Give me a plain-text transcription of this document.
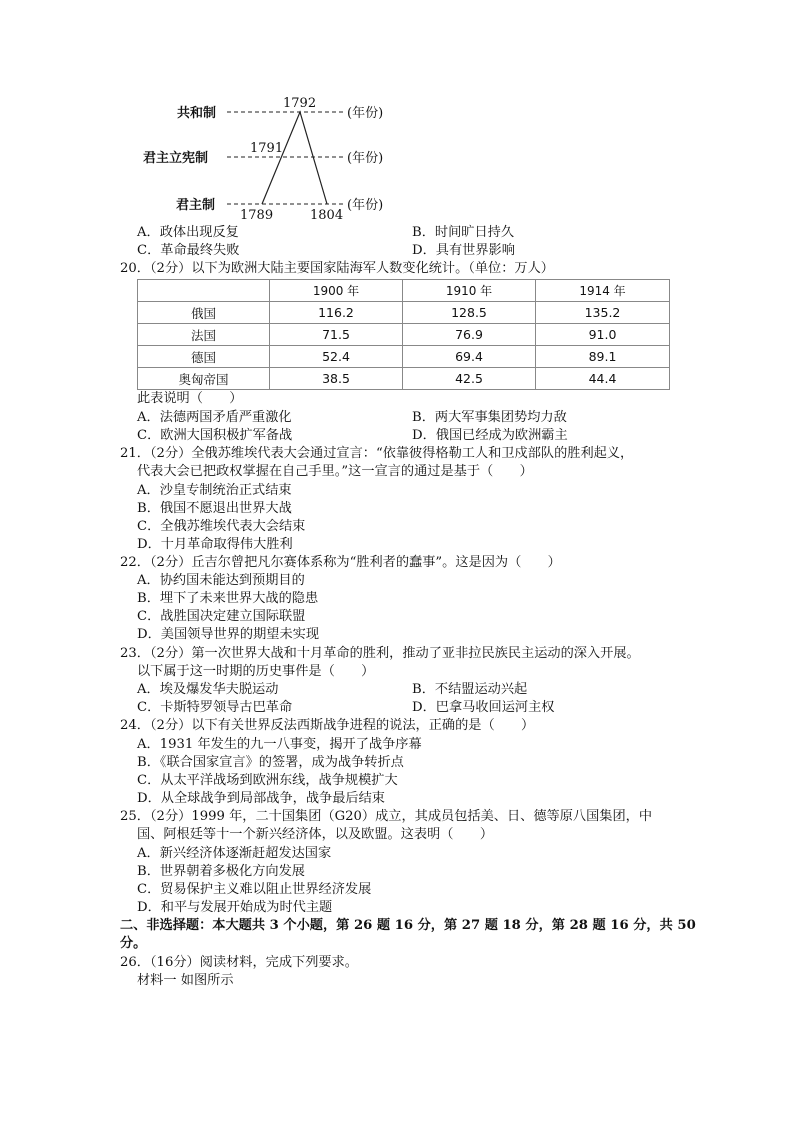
共和制
君主立宪制
君主制
(年份)
(年份)
(年份)
1792
1791
1789	1804
A．政体出现反复	B．时间旷日持久
C．革命最终失败	D．具有世界影响
20．（2分）以下为欧洲大陆主要国家陆海军人数变化统计。（单位：万人）
	1900 年	1910 年	1914 年
俄国	116.2	128.5	135.2
法国	71.5	76.9	91.0
德国	52.4	69.4	89.1
奥匈帝国	38.5	42.5	44.4
此表说明（　　）
A．法德两国矛盾严重激化	B．两大军事集团势均力敌
C．欧洲大国积极扩军备战	D．俄国已经成为欧洲霸主
21．（2分）全俄苏维埃代表大会通过宣言：“依靠彼得格勒工人和卫戍部队的胜利起义，
代表大会已把政权掌握在自己手里。”这一宣言的通过是基于（　　）
A．沙皇专制统治正式结束
B．俄国不愿退出世界大战
C．全俄苏维埃代表大会结束
D．十月革命取得伟大胜利
22．（2分）丘吉尔曾把凡尔赛体系称为“胜利者的蠢事”。这是因为（　　）
A．协约国未能达到预期目的
B．埋下了未来世界大战的隐患
C．战胜国决定建立国际联盟
D．美国领导世界的期望未实现
23．（2分）第一次世界大战和十月革命的胜利，推动了亚非拉民族民主运动的深入开展。
以下属于这一时期的历史事件是（　　）
A．埃及爆发华夫脱运动	B．不结盟运动兴起
C．卡斯特罗领导古巴革命	D．巴拿马收回运河主权
24．（2分）以下有关世界反法西斯战争进程的说法，正确的是（　　）
A．1931 年发生的九一八事变，揭开了战争序幕
B．《联合国家宣言》的签署，成为战争转折点
C．从太平洋战场到欧洲东线，战争规模扩大
D．从全球战争到局部战争，战争最后结束
25．（2分）1999 年，二十国集团（G20）成立，其成员包括美、日、德等原八国集团，中
国、阿根廷等十一个新兴经济体，以及欧盟。这表明（　　）
A．新兴经济体逐渐赶超发达国家
B．世界朝着多极化方向发展
C．贸易保护主义难以阻止世界经济发展
D．和平与发展开始成为时代主题
二、非选择题：本大题共 3 个小题，第 26 题 16 分，第 27 题 18 分，第 28 题 16 分，共 50
分。
26．（16分）阅读材料，完成下列要求。
材料一 如图所示
